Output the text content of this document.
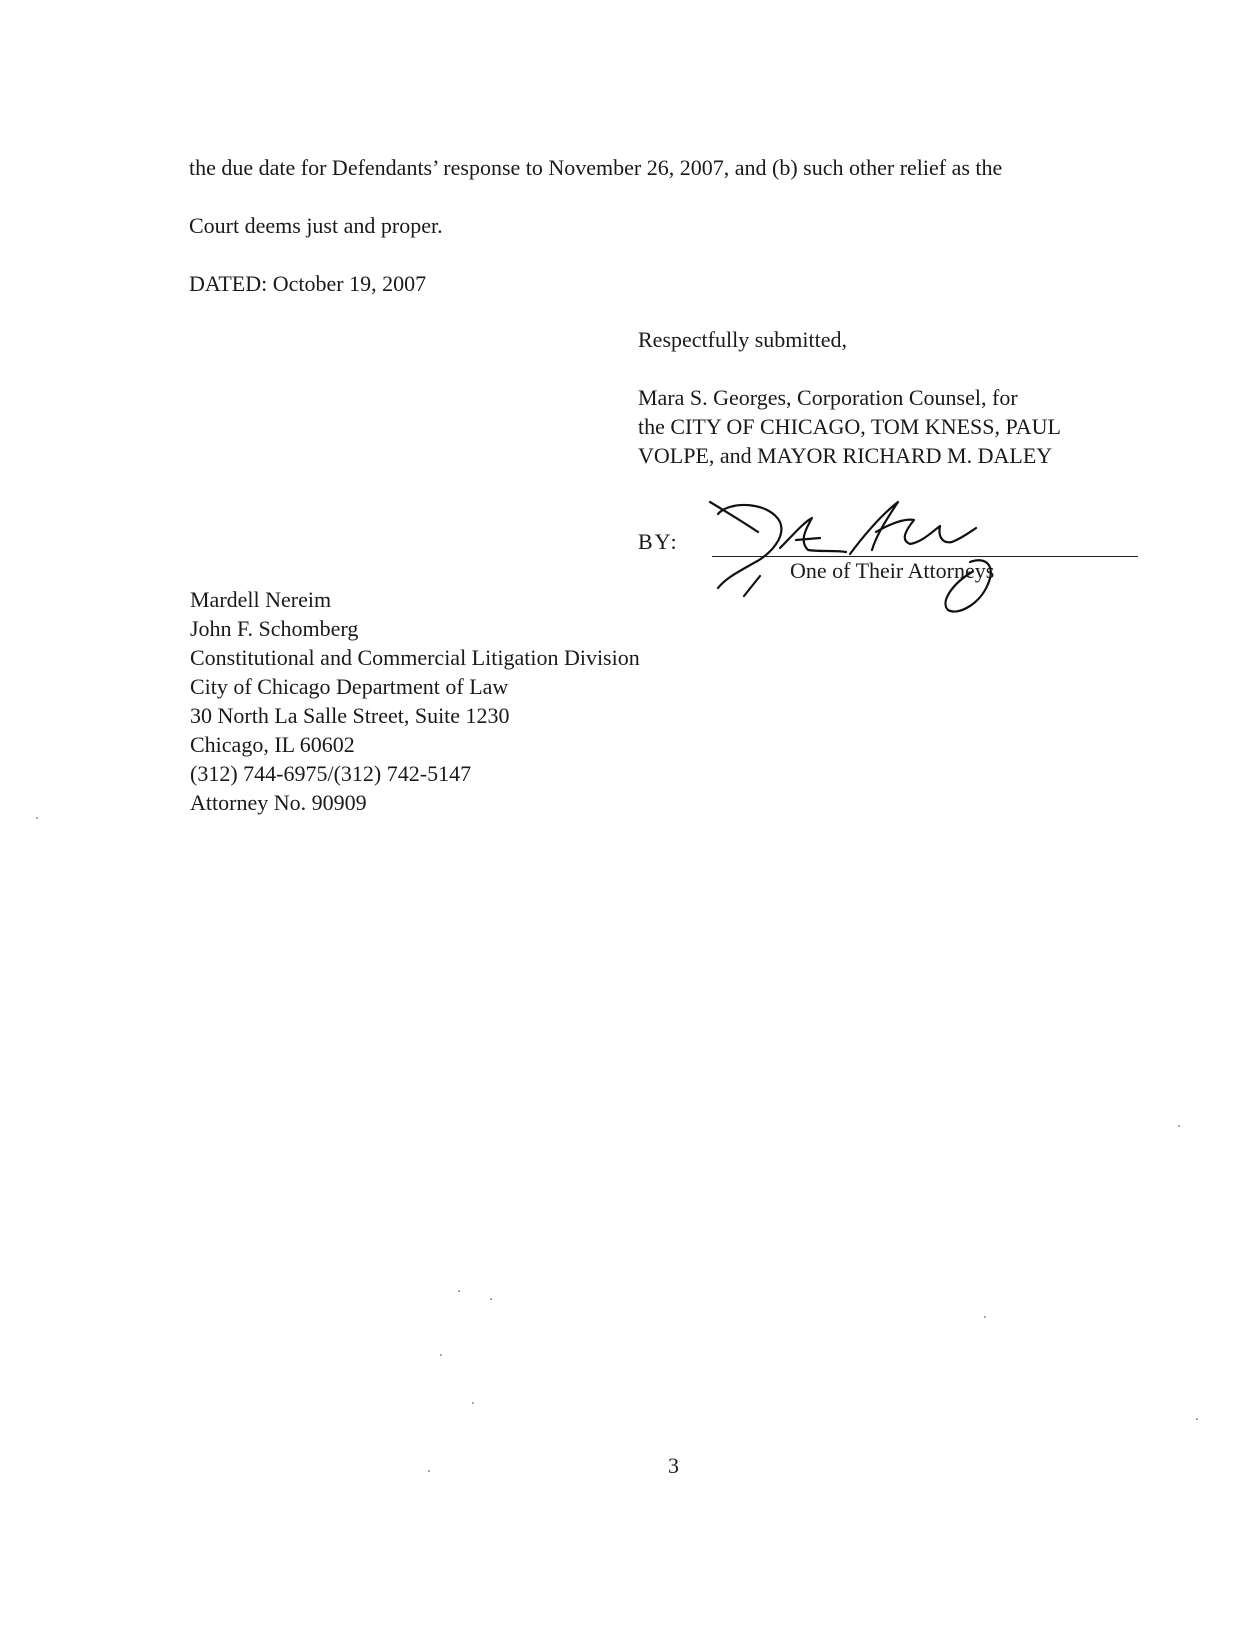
the due date for Defendants’ response to November 26, 2007, and (b) such other relief as the
Court deems just and proper.
DATED: October 19, 2007
Respectfully submitted,
Mara S. Georges, Corporation Counsel, for
the CITY OF CHICAGO, TOM KNESS, PAUL
VOLPE, and MAYOR RICHARD M. DALEY
BY:
One of Their Attorneys
Mardell Nereim
John F. Schomberg
Constitutional and Commercial Litigation Division
City of Chicago Department of Law
30 North La Salle Street, Suite 1230
Chicago, IL 60602
(312) 744-6975/(312) 742-5147
Attorney No. 90909
3
